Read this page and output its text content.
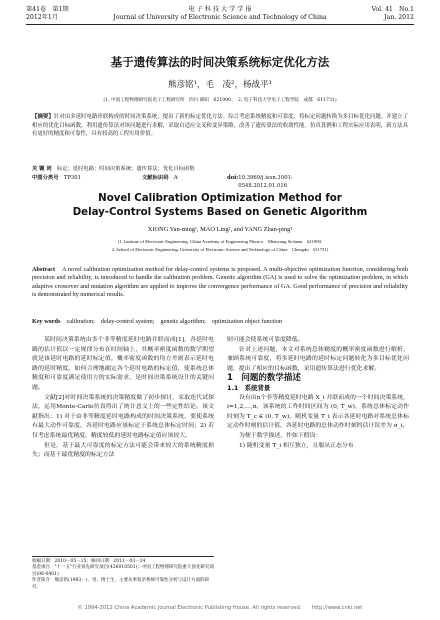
第41卷　第1期
2012年1月
电 子 科 技 大 学 学 报
Journal of University of Electronic Science and Technology of China
Vol. 41　No.1
Jan. 2012
基于遗传算法的时间决策系统标定优化方法
熊彦铭¹，毛　凌²，杨战平¹
(1. 中国工程物理研究院电子工程研究所　四川 绵阳　621900；　2. 电子科技大学电子工程学院　成都　611731)
【摘要】针对由多延时电路串联构成的时间决策系统，提出了新的标定优化方法。综合考虑系统精度和可靠度，将标定问题转换为多目标优化问题。并建立了相应的优化目标函数，利用遗传算法对该问题进行求解，采取自适应交叉和变异策略，改善了遗传算法的收敛性能。仿真算例和工程实际应用表明，新方法具有更好的精度和可靠性，具有较高的工程实用价值。
关 键 词　 标定；延时电路；时间决策系统；遗传算法；优化目标函数
中图分类号　 TP301	文献标识码　 A	doi: 10.3969/j.issn.1001-0548.2012.01.016
Novel Calibration Optimization Method for
Delay-Control Systems Based on Genetic Algorithm
XIONG Yan-ming¹, MAO Ling², and YANG Zhan-ping¹
(1. Institute of Electronic Engineering, China Academy of Engineering Physics　Mianyang Sichuan　621900;
2. School of Electronic Engineering, University of Electronic Science and Technology of China　Chengdu　611731)
Abstract　 A novel calibration optimization method for delay-control systems is proposed. A multi-objective optimization function, considering both precision and reliability, is introduced to handle the calibration problem. Genetic algorithm (GA) is used to solve the optimization problem, in which adaptive crossover and mutation algorithm are applied to improve the convergence performance of GA. Good performance of precision and reliability is demonstrated by numerical results.
Key words　 calibration;　delay-control system;　genetic algorithm;　optimization object function

某时间决策系统由多个非等精度延时电路并联而成[1]，各延时电路的估计值以一定规律分布在时间轴上，其概率密度函数的数学期望就是该延时电路的延时标定值，概率密度函数的均方差则表示延时电路的延时精度。如何合理地确定各个延时电路的标定值，使系统总体精度和可靠度满足使用方的实际需求，是时间决策系统设计的关键问题。

文献[2]对时间决策系统的决策精度做了初步探讨，采取迭代试探法，运用Monte-Carlo仿真得出了统计意义上的一些定性结论。该文献指出：1) 对于由非等精度延时电路构成的时间决策系统，要使系统有最大动作可靠度，各延时电路应该标定于系统总体标定时间；2) 若仅考虑系统最优精度，精度较低的延时电路标定值应该较大。

但是，基于最大可靠度的标定方法可能会带来较大的系统精度损失；而基于最优精度的标定方法

则可能会使系统可靠度降低。

针对上述问题，本文对系统总体精度的概率密度函数进行解析，兼顾系统可靠度，将多延时电路的延时标定问题转化为多目标优化问题，提出了相应的目标函数，采用遗传算法进行优化求解。

1　问题的数学描述

1.1　系统背景

设有由n个非等精度延时电路 X_i 并联而成的一个时间决策系统，i=1,2,…,n，该系统的工作时间区间为 (0, T_w)，系统总体标定动作时刻为 T_c ∈ (0, T_w)。随机变量 T_i 表示各延时电路对系统总体标定动作时刻的估计值，各延时电路的总体动作时刻的估计误差为 σ_i。

为便于数学描述，作如下假设：

1) 随机变量 T_i 相互独立，且服从正态分布

收稿日期：2010－05－15；修回日期：2011－03－24
基金项目："十一五"行业预先研究项目(426010501)；中国工程物理研究院重大预先研究项目(06-0401)
作者简介：熊彦铭(1983－)，男，博士生，主要从事复杂系统可靠性分析与设计方面的研究.
© 1994-2012 China Academic Journal Electronic Publishing House. All rights reserved.　　http://www.cnki.net
